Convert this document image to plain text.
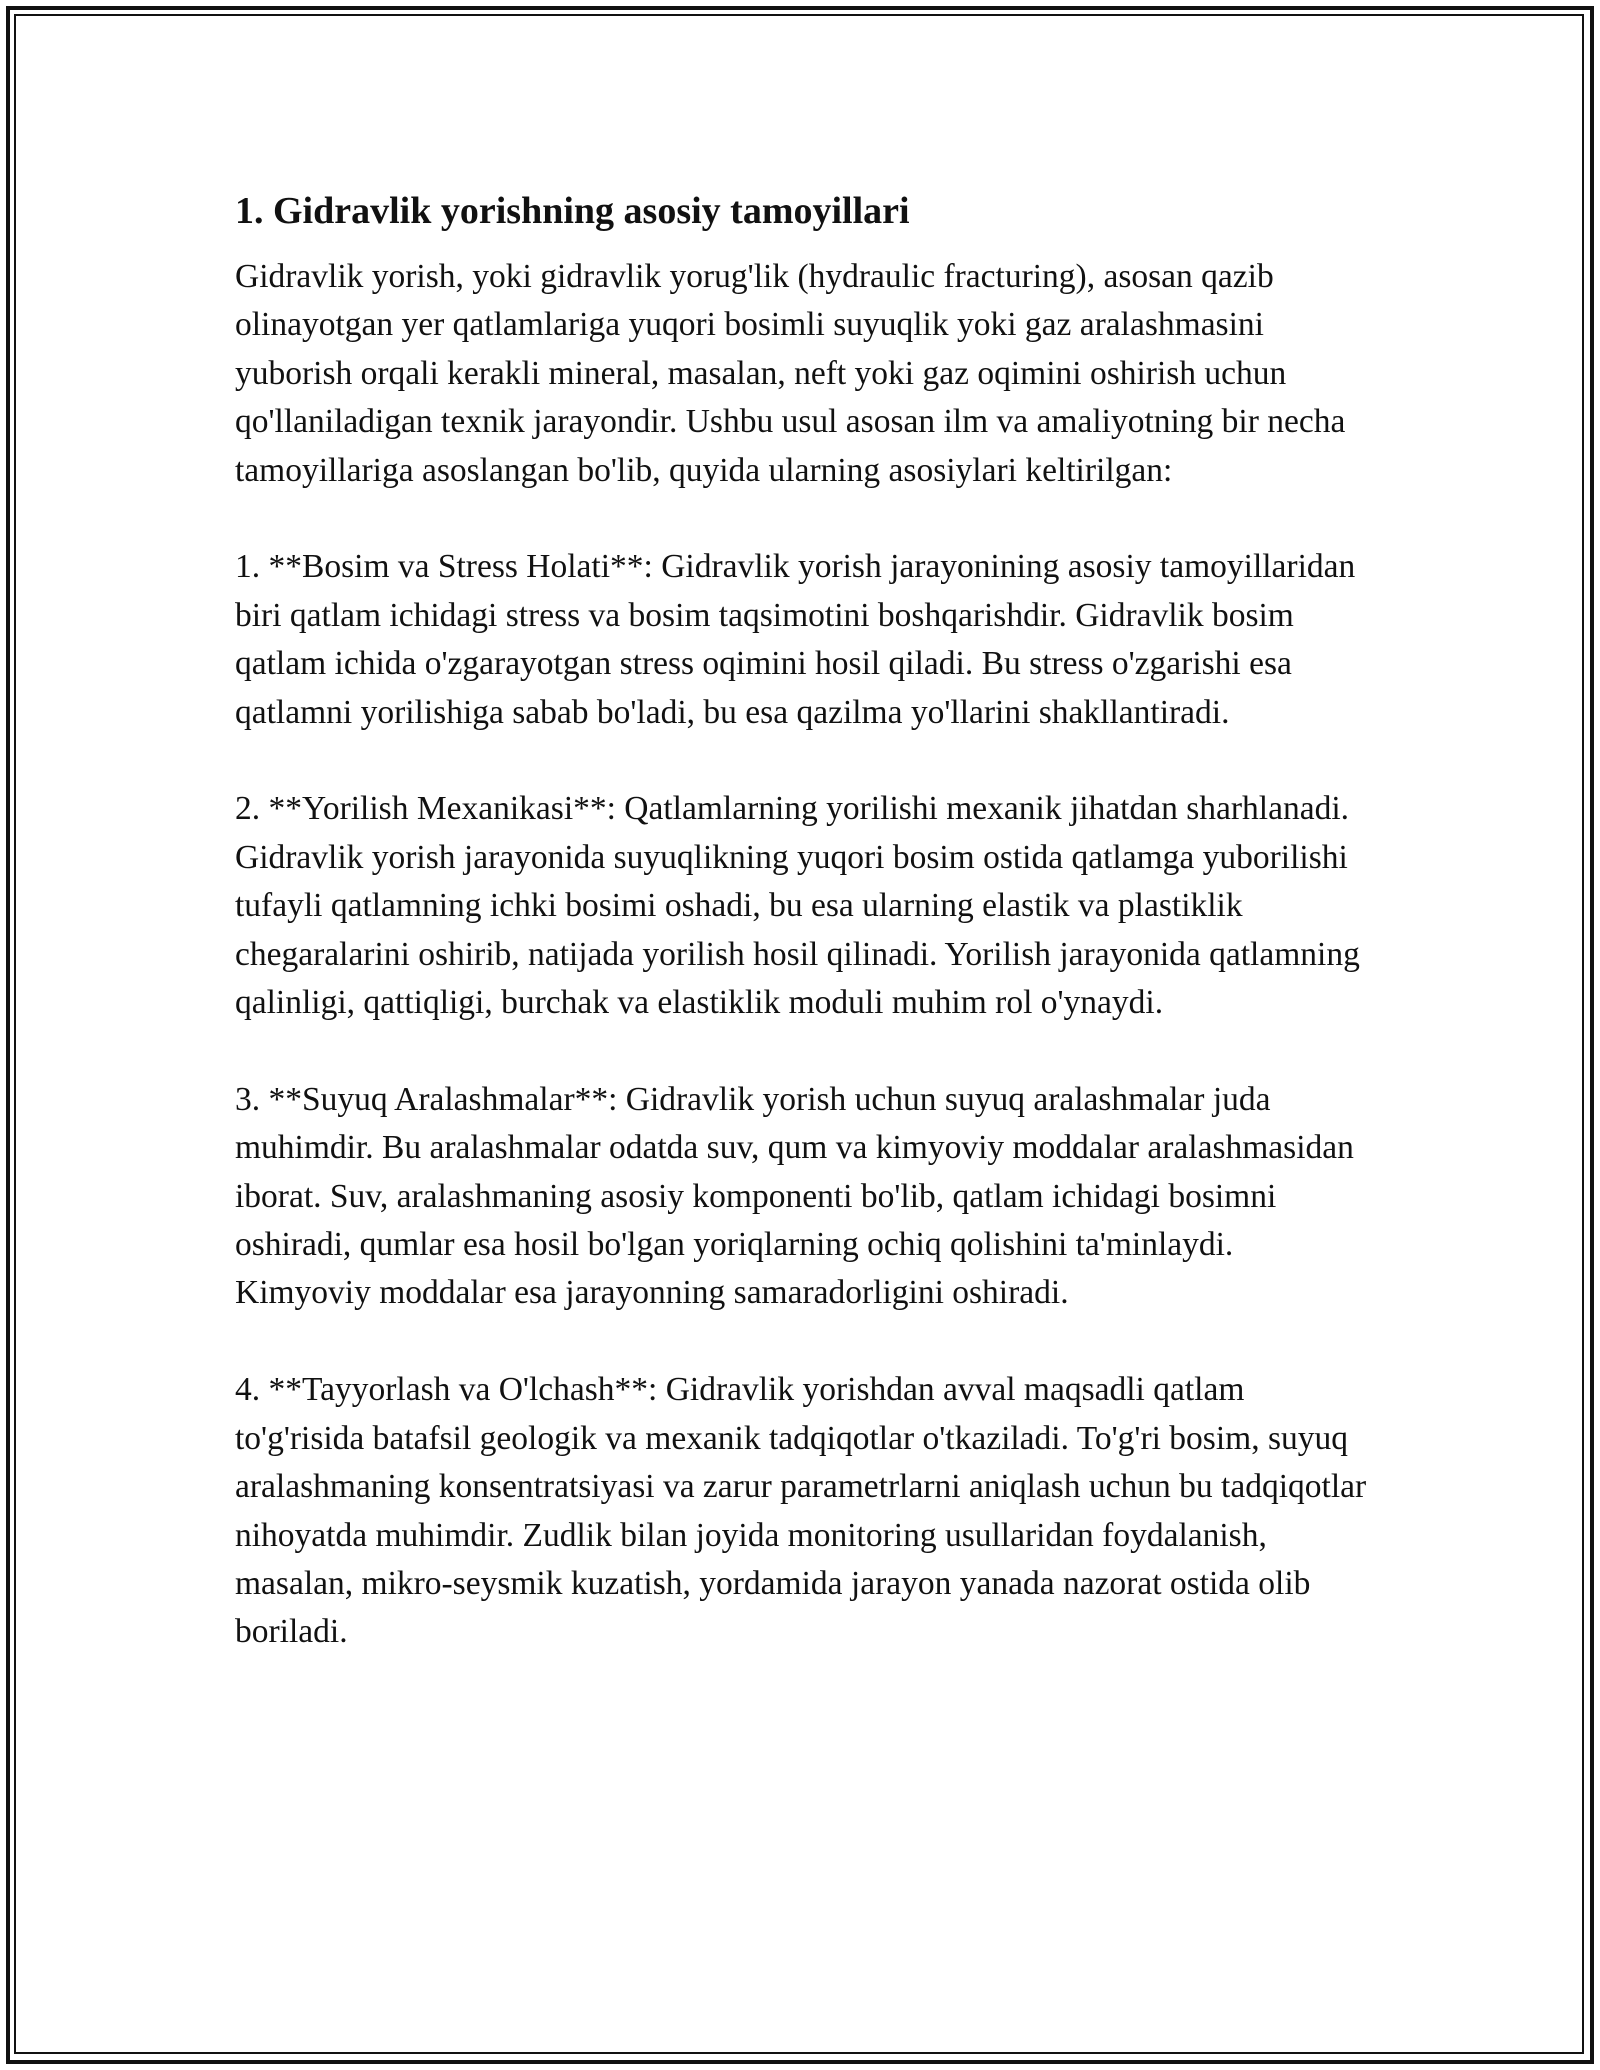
1. Gidravlik yorishning asosiy tamoyillari

Gidravlik yorish, yoki gidravlik yorug'lik (hydraulic fracturing), asosan qazib olinayotgan yer qatlamlariga yuqori bosimli suyuqlik yoki gaz aralashmasini yuborish orqali kerakli mineral, masalan, neft yoki gaz oqimini oshirish uchun qo'llaniladigan texnik jarayondir. Ushbu usul asosan ilm va amaliyotning bir necha tamoyillariga asoslangan bo'lib, quyida ularning asosiylari keltirilgan:

1. **Bosim va Stress Holati**: Gidravlik yorish jarayonining asosiy tamoyillaridan biri qatlam ichidagi stress va bosim taqsimotini boshqarishdir. Gidravlik bosim qatlam ichida o'zgarayotgan stress oqimini hosil qiladi. Bu stress o'zgarishi esa qatlamni yorilishiga sabab bo'ladi, bu esa qazilma yo'llarini shakllantiradi.

2. **Yorilish Mexanikasi**: Qatlamlarning yorilishi mexanik jihatdan sharhlanadi. Gidravlik yorish jarayonida suyuqlikning yuqori bosim ostida qatlamga yuborilishi tufayli qatlamning ichki bosimi oshadi, bu esa ularning elastik va plastiklik chegaralarini oshirib, natijada yorilish hosil qilinadi. Yorilish jarayonida qatlamning qalinligi, qattiqligi, burchak va elastiklik moduli muhim rol o'ynaydi.

3. **Suyuq Aralashmalar**: Gidravlik yorish uchun suyuq aralashmalar juda muhimdir. Bu aralashmalar odatda suv, qum va kimyoviy moddalar aralashmasidan iborat. Suv, aralashmaning asosiy komponenti bo'lib, qatlam ichidagi bosimni oshiradi, qumlar esa hosil bo'lgan yoriqlarning ochiq qolishini ta'minlaydi. Kimyoviy moddalar esa jarayonning samaradorligini oshiradi.

4. **Tayyorlash va O'lchash**: Gidravlik yorishdan avval maqsadli qatlam to'g'risida batafsil geologik va mexanik tadqiqotlar o'tkaziladi. To'g'ri bosim, suyuq aralashmaning konsentratsiyasi va zarur parametrlarni aniqlash uchun bu tadqiqotlar nihoyatda muhimdir. Zudlik bilan joyida monitoring usullaridan foydalanish, masalan, mikro-seysmik kuzatish, yordamida jarayon yanada nazorat ostida olib boriladi.
